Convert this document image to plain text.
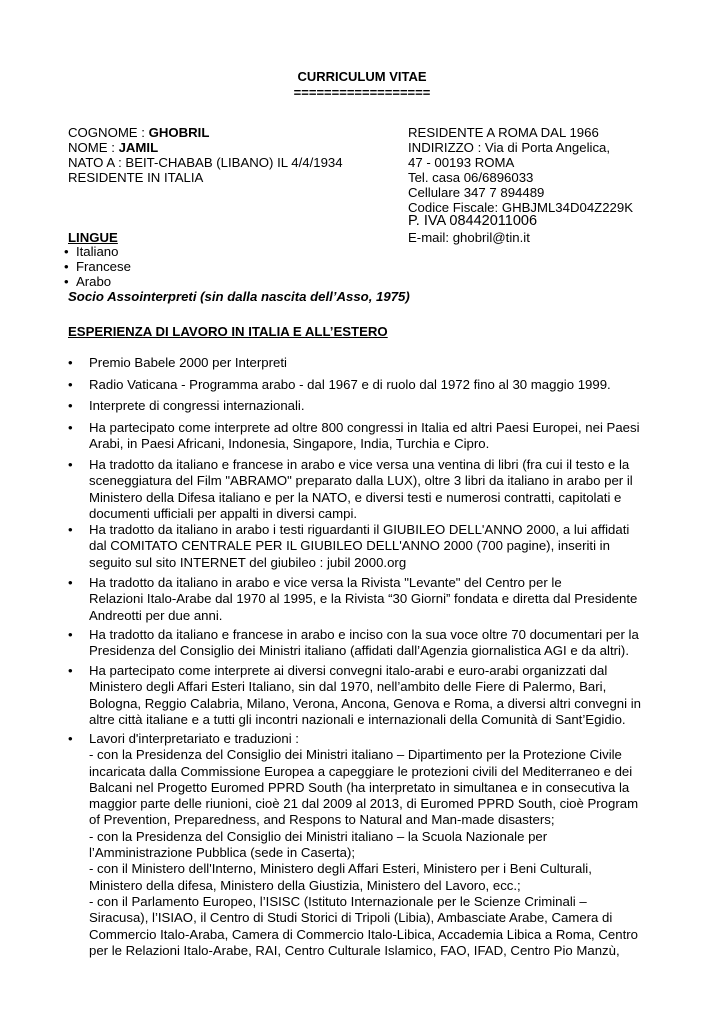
CURRICULUM VITAE
==================
COGNOME : GHOBRIL
NOME : JAMIL
NATO A : BEIT-CHABAB (LIBANO) IL 4/4/1934
RESIDENTE IN ITALIA
RESIDENTE A ROMA DAL 1966
INDIRIZZO : Via di Porta Angelica,
47 - 00193 ROMA
Tel. casa 06/6896033
Cellulare 347 7 894489
Codice Fiscale: GHBJML34D04Z229K
P. IVA 08442011006
E-mail: ghobril@tin.it
LINGUE
• Italiano
• Francese
• Arabo
Socio Assointerpreti (sin dalla nascita dell’Asso, 1975)
ESPERIENZA DI LAVORO IN ITALIA E ALL’ESTERO
• Premio Babele 2000 per Interpreti
• Radio Vaticana - Programma arabo - dal 1967 e di ruolo dal 1972 fino al 30 maggio 1999.
• Interprete di congressi internazionali.
• Ha partecipato come interprete ad oltre 800 congressi in Italia ed altri Paesi Europei, nei Paesi
Arabi, in Paesi Africani, Indonesia, Singapore, India, Turchia e Cipro.
• Ha tradotto da italiano e francese in arabo e vice versa una ventina di libri (fra cui il testo e la
sceneggiatura del Film "ABRAMO" preparato dalla LUX), oltre 3 libri da italiano in arabo per il
Ministero della Difesa italiano e per la NATO, e diversi testi e numerosi contratti, capitolati e
documenti ufficiali per appalti in diversi campi.
• Ha tradotto da italiano in arabo i testi riguardanti il GIUBILEO DELL'ANNO 2000, a lui affidati
dal COMITATO CENTRALE PER IL GIUBILEO DELL'ANNO 2000 (700 pagine), inseriti in
seguito sul sito INTERNET del giubileo : jubil 2000.org
• Ha tradotto da italiano in arabo e vice versa la Rivista "Levante" del Centro per le
Relazioni Italo-Arabe dal 1970 al 1995, e la Rivista “30 Giorni” fondata e diretta dal Presidente
Andreotti per due anni.
• Ha tradotto da italiano e francese in arabo e inciso con la sua voce oltre 70 documentari per la
Presidenza del Consiglio dei Ministri italiano (affidati dall’Agenzia giornalistica AGI e da altri).
• Ha partecipato come interprete ai diversi convegni italo-arabi e euro-arabi organizzati dal
Ministero degli Affari Esteri Italiano, sin dal 1970, nell’ambito delle Fiere di Palermo, Bari,
Bologna, Reggio Calabria, Milano, Verona, Ancona, Genova e Roma, a diversi altri convegni in
altre città italiane e a tutti gli incontri nazionali e internazionali della Comunità di Sant’Egidio.
• Lavori d'interpretariato e traduzioni :
- con la Presidenza del Consiglio dei Ministri italiano – Dipartimento per la Protezione Civile
incaricata dalla Commissione Europea a capeggiare le protezioni civili del Mediterraneo e dei
Balcani nel Progetto Euromed PPRD South (ha interpretato in simultanea e in consecutiva la
maggior parte delle riunioni, cioè 21 dal 2009 al 2013, di Euromed PPRD South, cioè Program
of Prevention, Preparedness, and Respons to Natural and Man-made disasters;
- con la Presidenza del Consiglio dei Ministri italiano – la Scuola Nazionale per
l’Amministrazione Pubblica (sede in Caserta);
- con il Ministero dell'Interno, Ministero degli Affari Esteri, Ministero per i Beni Culturali,
Ministero della difesa, Ministero della Giustizia, Ministero del Lavoro, ecc.;
- con il Parlamento Europeo, l’ISISC (Istituto Internazionale per le Scienze Criminali –
Siracusa), l’ISIAO, il Centro di Studi Storici di Tripoli (Libia), Ambasciate Arabe, Camera di
Commercio Italo-Araba, Camera di Commercio Italo-Libica, Accademia Libica a Roma, Centro
per le Relazioni Italo-Arabe, RAI, Centro Culturale Islamico, FAO, IFAD, Centro Pio Manzù,
